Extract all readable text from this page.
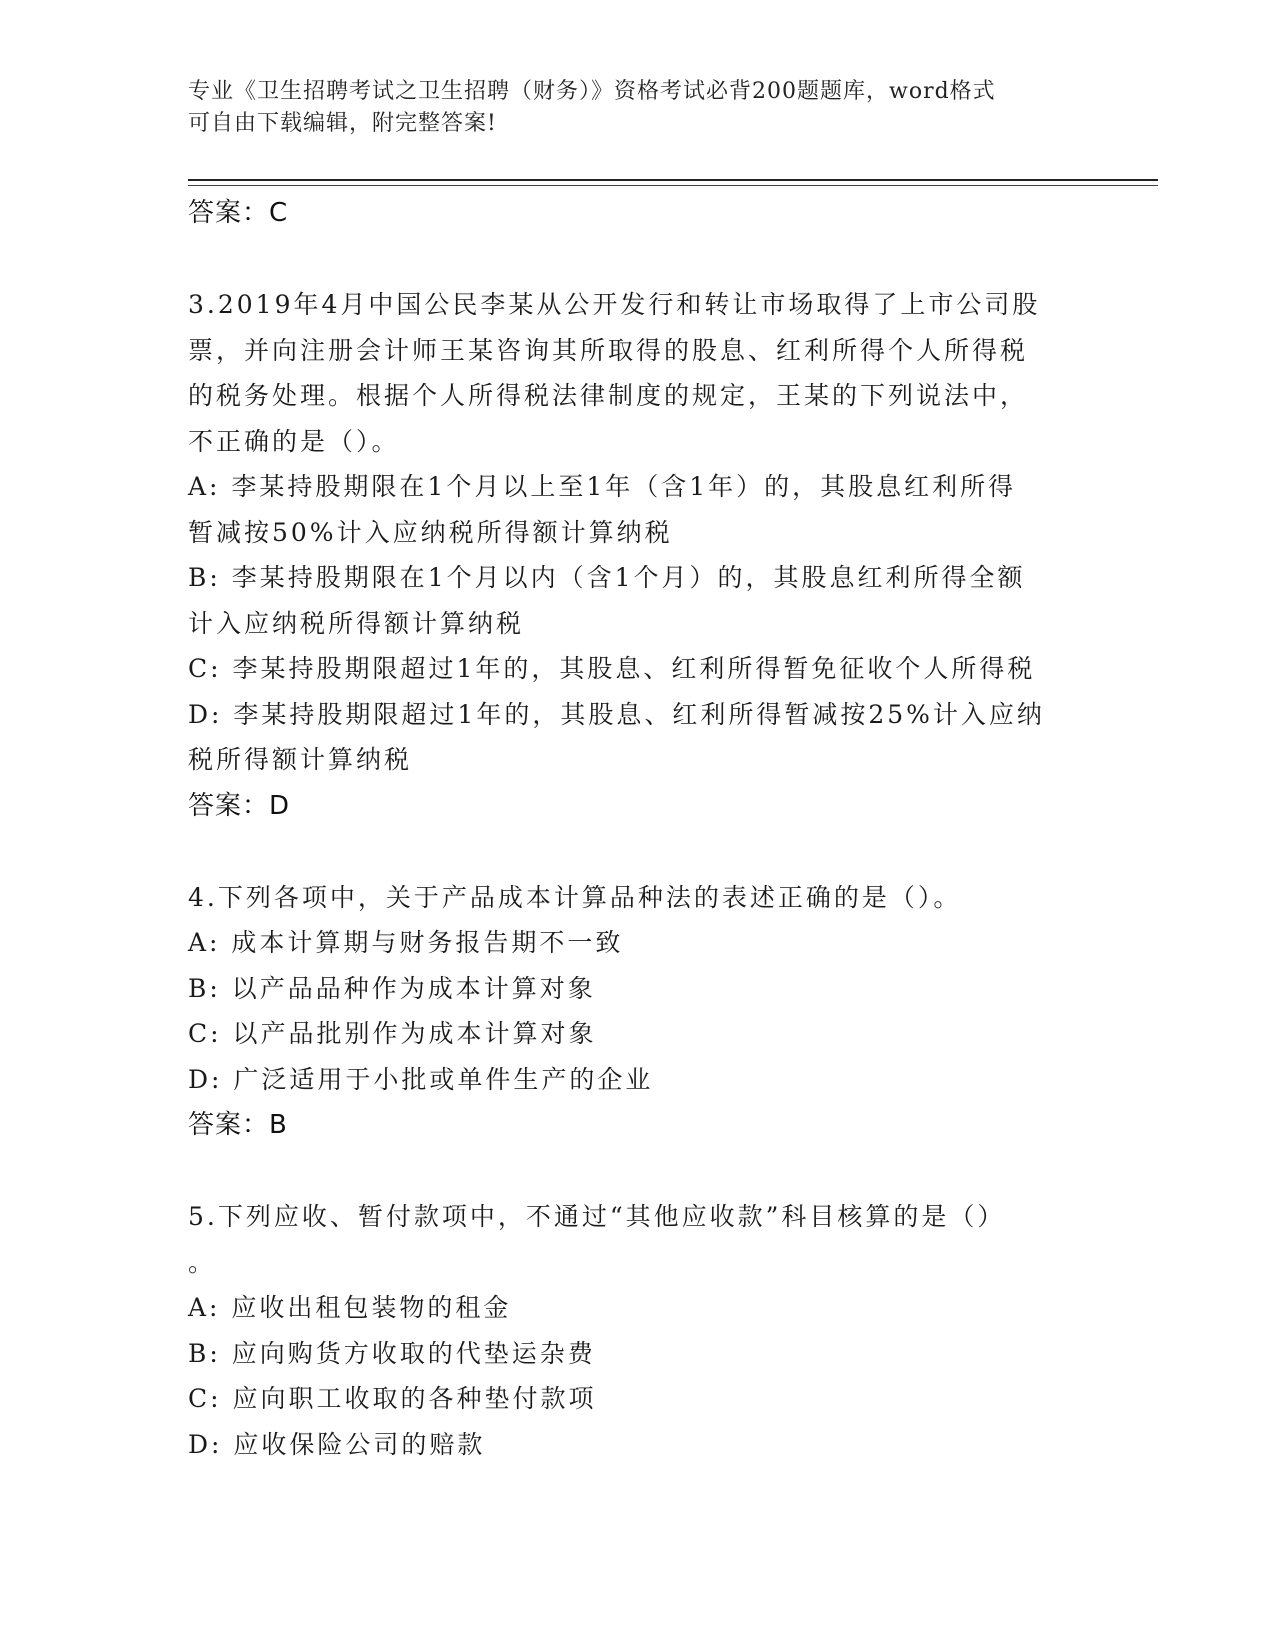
专业《卫生招聘考试之卫生招聘（财务）》资格考试必背200题题库，word格式
可自由下载编辑，附完整答案!

答案：C

3.2019年4月中国公民李某从公开发行和转让市场取得了上市公司股

票，并向注册会计师王某咨询其所取得的股息、红利所得个人所得税

的税务处理。根据个人所得税法律制度的规定，王某的下列说法中，

不正确的是（）。

A: 李某持股期限在1个月以上至1年（含1年）的，其股息红利所得

暂减按50%计入应纳税所得额计算纳税

B: 李某持股期限在1个月以内（含1个月）的，其股息红利所得全额

计入应纳税所得额计算纳税

C: 李某持股期限超过1年的，其股息、红利所得暂免征收个人所得税

D: 李某持股期限超过1年的，其股息、红利所得暂减按25%计入应纳

税所得额计算纳税

答案：D

4.下列各项中，关于产品成本计算品种法的表述正确的是（）。

A: 成本计算期与财务报告期不一致

B: 以产品品种作为成本计算对象

C: 以产品批别作为成本计算对象

D: 广泛适用于小批或单件生产的企业

答案：B

5.下列应收、暂付款项中，不通过“其他应收款”科目核算的是（）

。

A: 应收出租包装物的租金

B: 应向购货方收取的代垫运杂费

C: 应向职工收取的各种垫付款项

D: 应收保险公司的赔款
